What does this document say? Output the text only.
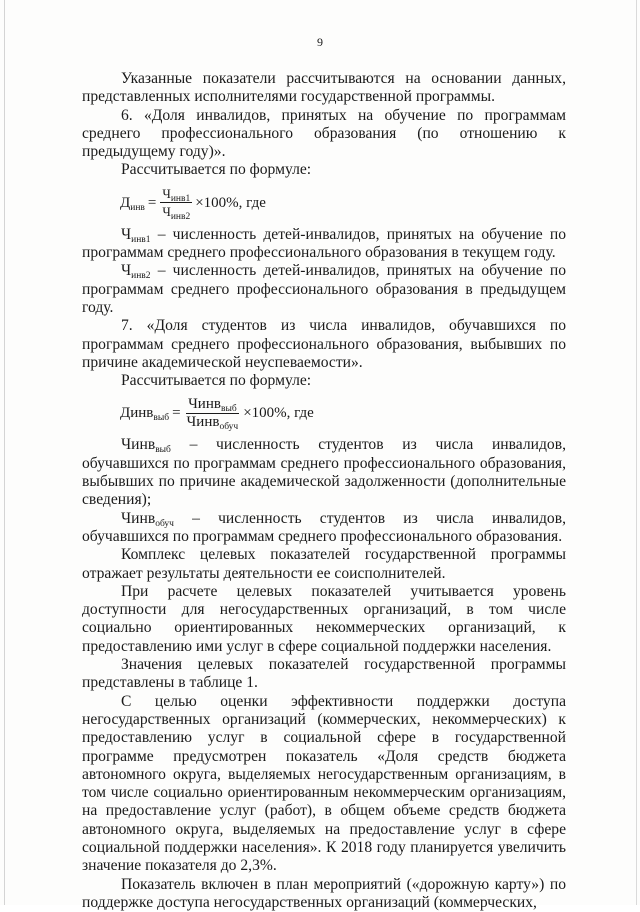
9

Указанные показатели рассчитываются на основании данных, представленных исполнителями государственной программы.

6. «Доля инвалидов, принятых на обучение по программам среднего профессионального образования (по отношению к предыдущему году)».

Рассчитывается по формуле:

$Д_{инв} = \frac{Ч_{инв1}}{Ч_{инв2}} \times 100\%$, где

$Ч_{инв1}$ – численность детей-инвалидов, принятых на обучение по программам среднего профессионального образования в текущем году.

$Ч_{инв2}$ – численность детей-инвалидов, принятых на обучение по программам среднего профессионального образования в предыдущем году.

7. «Доля студентов из числа инвалидов, обучавшихся по программам среднего профессионального образования, выбывших по причине академической неуспеваемости».

Рассчитывается по формуле:

Динв$_{выб}$ = $\frac{Чинв_{выб}}{Чинв_{обуч}} \times 100\%$, где

Чинв$_{выб}$ – численность студентов из числа инвалидов, обучавшихся по программам среднего профессионального образования, выбывших по причине академической задолженности (дополнительные сведения);

Чинв$_{обуч}$ – численность студентов из числа инвалидов, обучавшихся по программам среднего профессионального образования.

Комплекс целевых показателей государственной программы отражает результаты деятельности ее соисполнителей.

При расчете целевых показателей учитывается уровень доступности для негосударственных организаций, в том числе социально ориентированных некоммерческих организаций, к предоставлению ими услуг в сфере социальной поддержки населения.

Значения целевых показателей государственной программы представлены в таблице 1.

С целью оценки эффективности поддержки доступа негосударственных организаций (коммерческих, некоммерческих) к предоставлению услуг в социальной сфере в государственной программе предусмотрен показатель «Доля средств бюджета автономного округа, выделяемых негосударственным организациям, в том числе социально ориентированным некоммерческим организациям, на предоставление услуг (работ), в общем объеме средств бюджета автономного округа, выделяемых на предоставление услуг в сфере социальной поддержки населения». К 2018 году планируется увеличить значение показателя до 2,3%.

Показатель включен в план мероприятий («дорожную карту») по поддержке доступа негосударственных организаций (коммерческих,
